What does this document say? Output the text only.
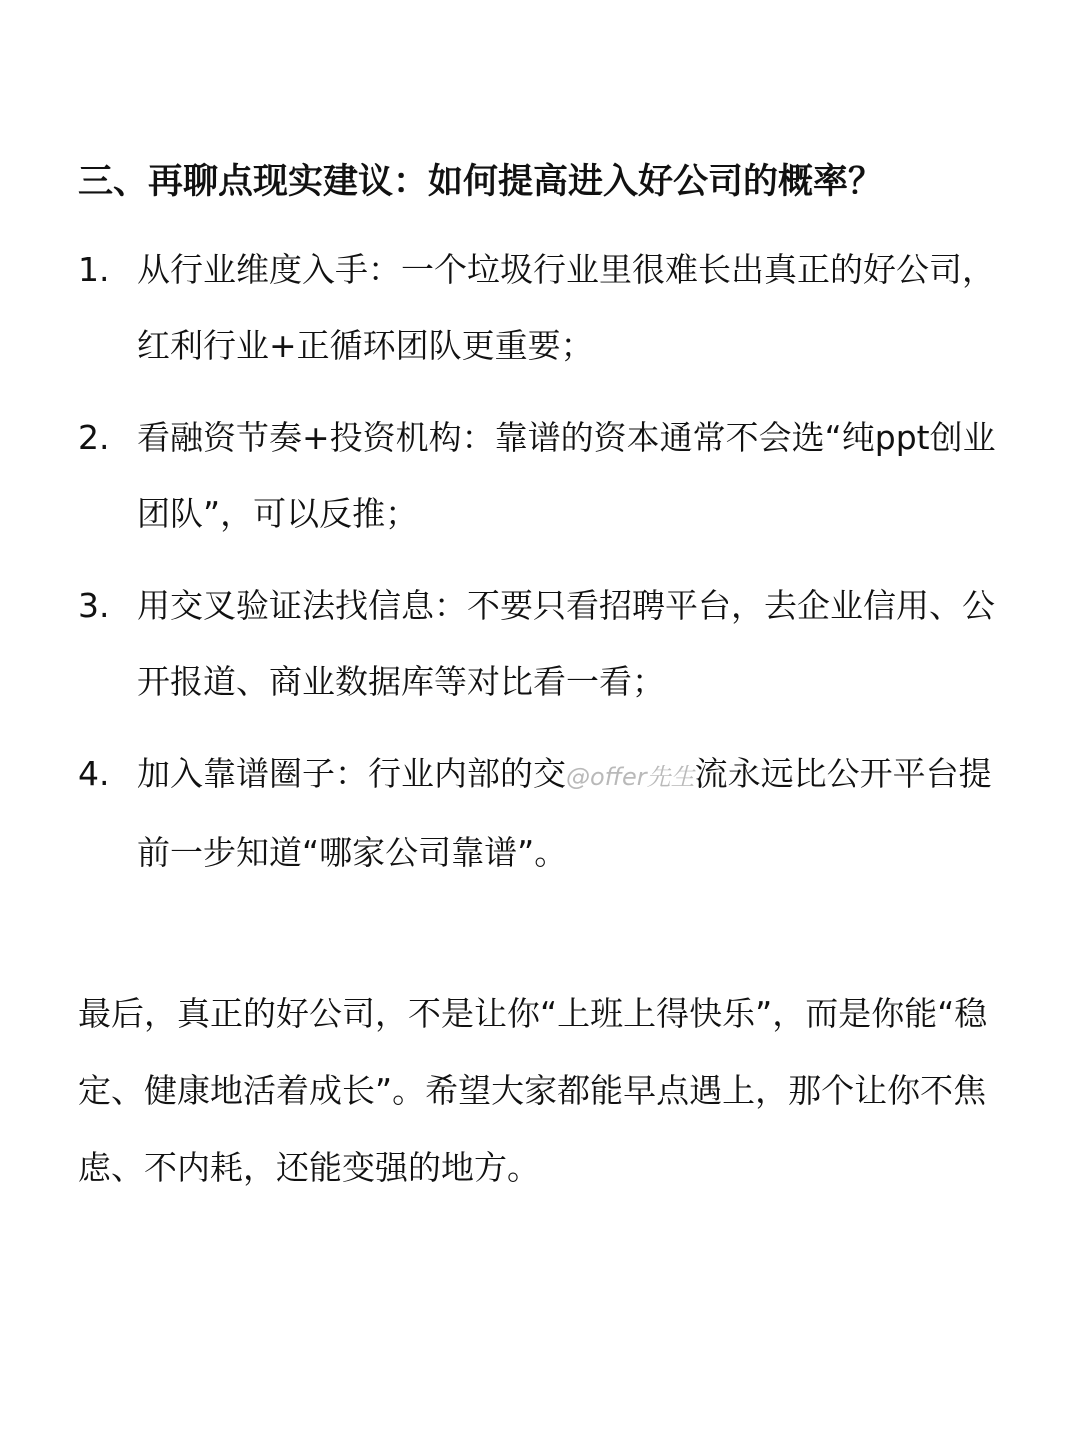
三、再聊点现实建议：如何提高进入好公司的概率？
1. 从行业维度入手：一个垃圾行业里很难长出真正的好公司，红利行业+正循环团队更重要；
2. 看融资节奏+投资机构：靠谱的资本通常不会选“纯ppt创业团队”，可以反推；
3. 用交叉验证法找信息：不要只看招聘平台，去企业信用、公开报道、商业数据库等对比看一看；
4. 加入靠谱圈子：行业内部的交@offer先生流永远比公开平台提前一步知道“哪家公司靠谱”。
最后，真正的好公司，不是让你“上班上得快乐”，而是你能“稳定、健康地活着成长”。希望大家都能早点遇上，那个让你不焦虑、不内耗，还能变强的地方。
